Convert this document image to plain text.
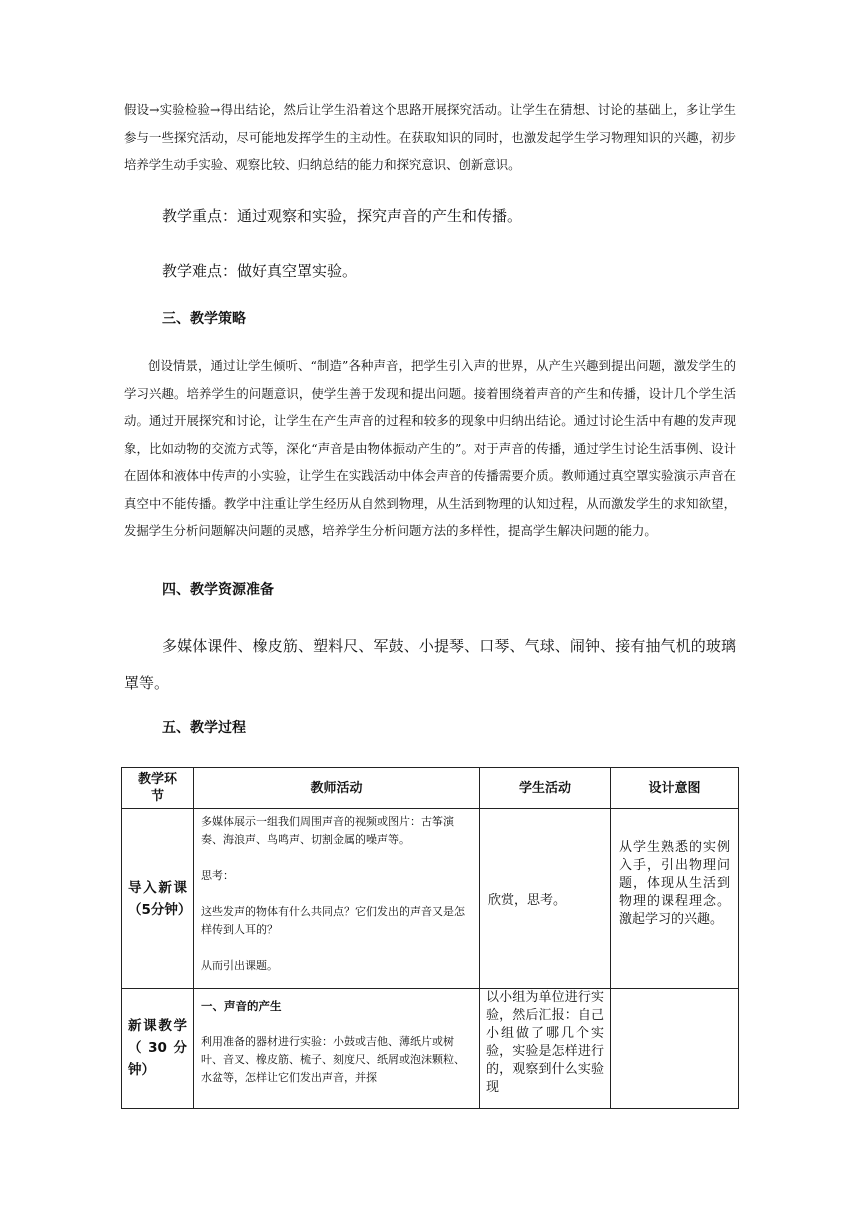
假设→实验检验→得出结论，然后让学生沿着这个思路开展探究活动。让学生在猜想、讨论的基础上，多让学生参与一些探究活动，尽可能地发挥学生的主动性。在获取知识的同时，也激发起学生学习物理知识的兴趣，初步培养学生动手实验、观察比较、归纳总结的能力和探究意识、创新意识。

教学重点：通过观察和实验，探究声音的产生和传播。

教学难点：做好真空罩实验。

三、教学策略

创设情景，通过让学生倾听、“制造”各种声音，把学生引入声的世界，从产生兴趣到提出问题，激发学生的学习兴趣。培养学生的问题意识，使学生善于发现和提出问题。接着围绕着声音的产生和传播，设计几个学生活动。通过开展探究和讨论，让学生在产生声音的过程和较多的现象中归纳出结论。通过讨论生活中有趣的发声现象，比如动物的交流方式等，深化“声音是由物体振动产生的”。对于声音的传播，通过学生讨论生活事例、设计在固体和液体中传声的小实验，让学生在实践活动中体会声音的传播需要介质。教师通过真空罩实验演示声音在真空中不能传播。教学中注重让学生经历从自然到物理，从生活到物理的认知过程，从而激发学生的求知欲望，发掘学生分析问题解决问题的灵感，培养学生分析问题方法的多样性，提高学生解决问题的能力。

四、教学资源准备

多媒体课件、橡皮筋、塑料尺、军鼓、小提琴、口琴、气球、闹钟、接有抽气机的玻璃罩等。

五、教学过程

教学环节	教师活动	学生活动	设计意图
导入新课（5分钟）	多媒体展示一组我们周围声音的视频或图片：古筝演奏、海浪声、鸟鸣声、切割金属的噪声等。

思考：

这些发声的物体有什么共同点？它们发出的声音又是怎样传到人耳的？

从而引出课题。	欣赏，思考。	从学生熟悉的实例入手，引出物理问题，体现从生活到物理的课程理念。激起学习的兴趣。
新课教学（30分钟）	一、声音的产生

利用准备的器材进行实验：小鼓或吉他、薄纸片或树叶、音叉、橡皮筋、梳子、刻度尺、纸屑或泡沫颗粒、水盆等，怎样让它们发出声音，并探	以小组为单位进行实验，然后汇报：自己小组做了哪几个实验，实验是怎样进行的，观察到什么实验现	
